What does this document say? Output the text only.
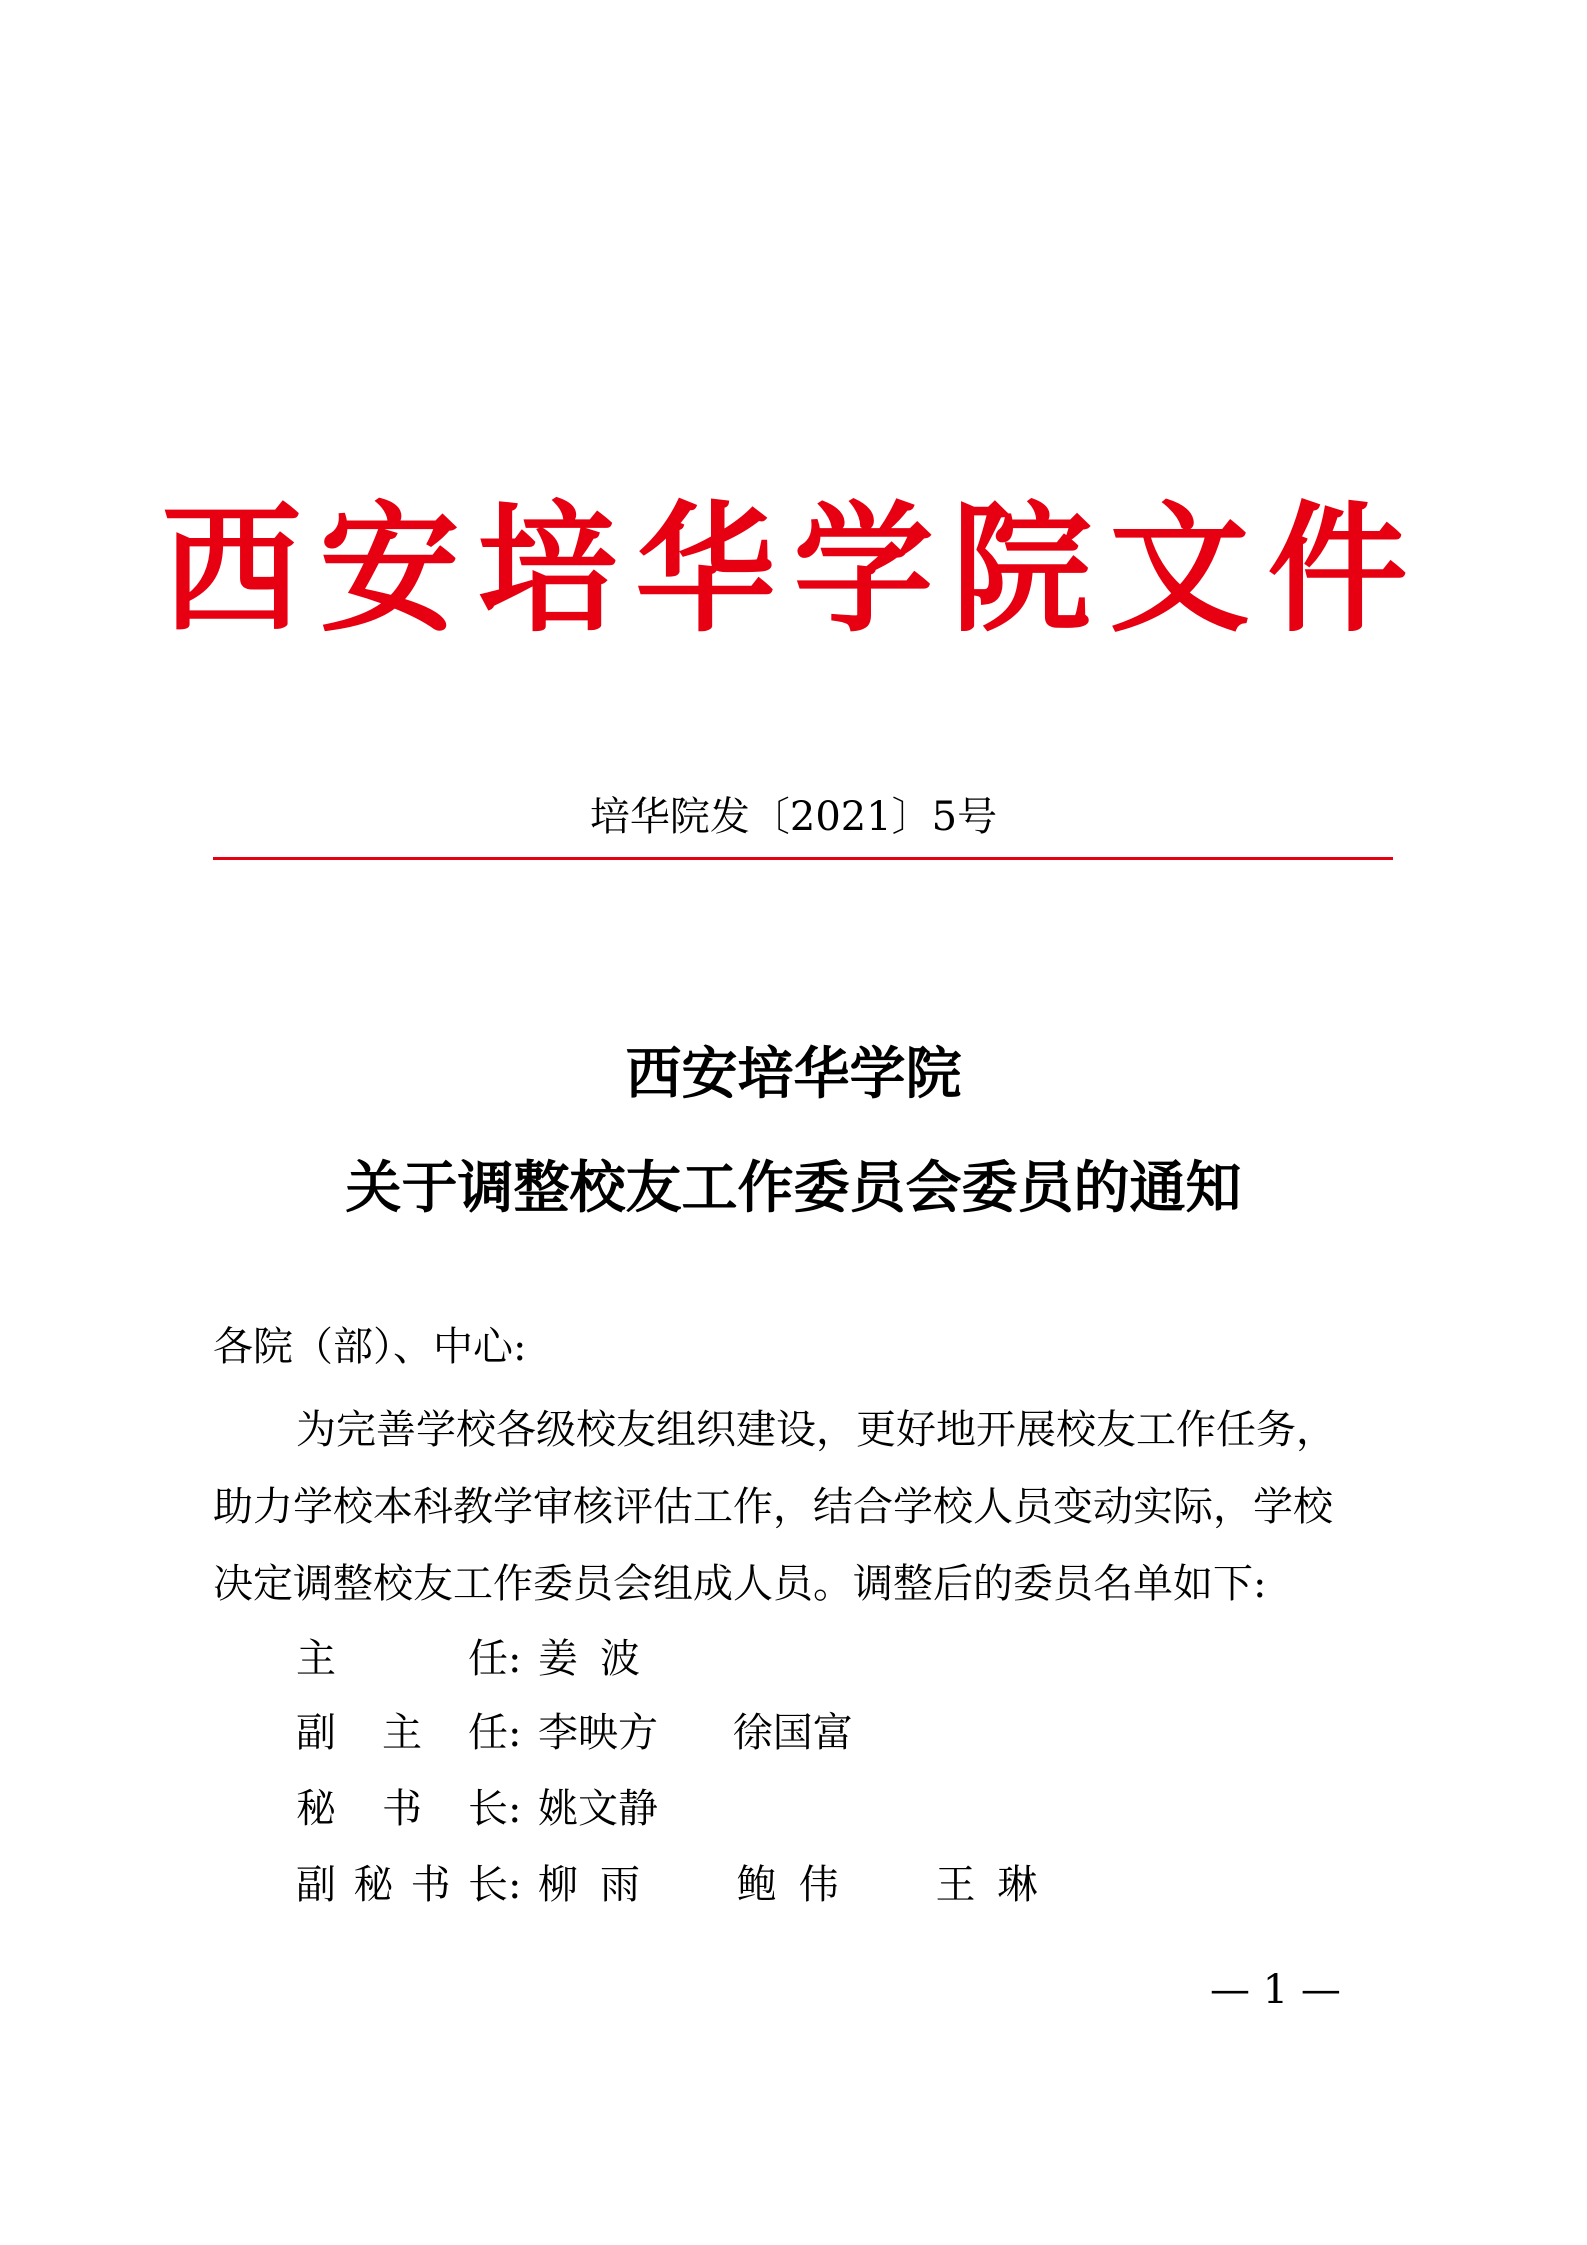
西安培华学院文件
培华院发〔2021〕5号
西安培华学院
关于调整校友工作委员会委员的通知
各院（部）、中心:
为完善学校各级校友组织建设，更好地开展校友工作任务，
助力学校本科教学审核评估工作，结合学校人员变动实际，学校
决定调整校友工作委员会组成人员。调整后的委员名单如下:
主任 : 姜波
副主任 : 李映方 徐国富
秘书长 : 姚文静
副秘书长 : 柳雨 鲍伟 王琳
— 1 —
